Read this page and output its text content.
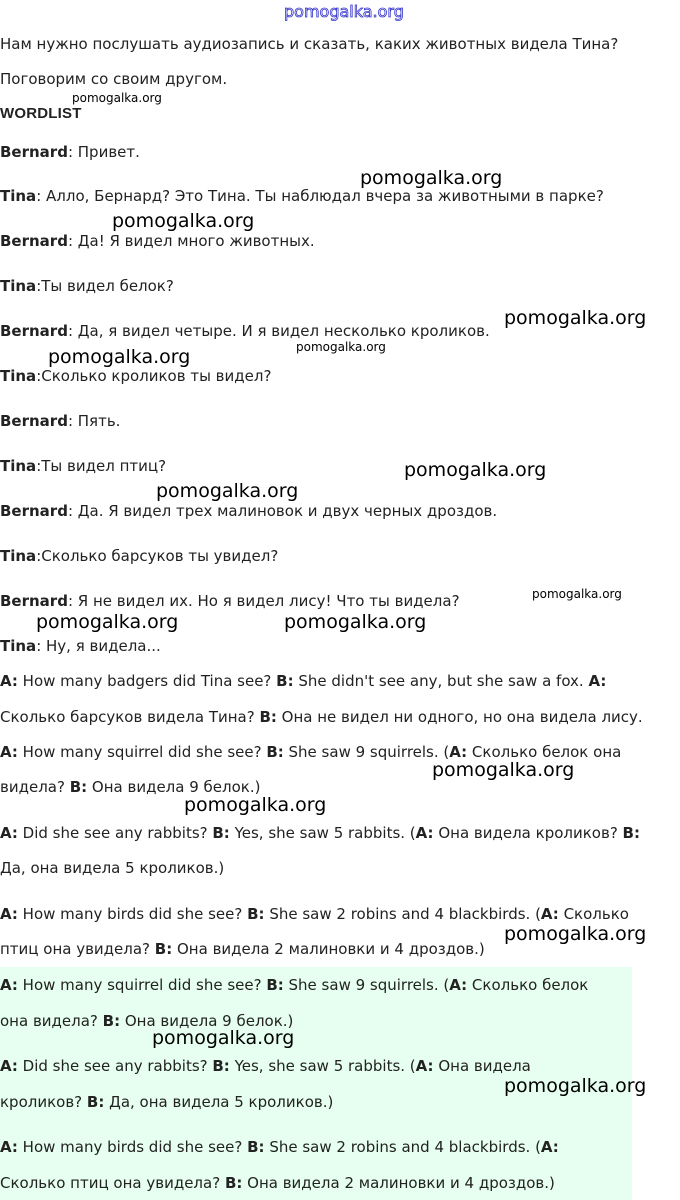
pomogalka.org
Нам нужно послушать аудиозапись и сказать, каких животных видела Тина?
Поговорим со своим другом.
WORDLIST
Bernard: Привет.
Tina: Алло, Бернард? Это Тина. Ты наблюдал вчера за животными в парке?
Bernard: Да! Я видел много животных.
Tina:Ты видел белок?
Bernard: Да, я видел четыре. И я видел несколько кроликов.
Tina:Сколько кроликов ты видел?
Bernard: Пять.
Tina:Ты видел птиц?
Bernard: Да. Я видел трех малиновок и двух черных дроздов.
Tina:Сколько барсуков ты увидел?
Bernard: Я не видел их. Но я видел лису! Что ты видела?
Tina: Ну, я видела...
A: How many badgers did Tina see? B: She didn't see any, but she saw a fox. A:
Сколько барсуков видела Тина? B: Она не видел ни одного, но она видела лису.
A: How many squirrel did she see? B: She saw 9 squirrels. (A: Сколько белок она
видела? B: Она видела 9 белок.)
A: Did she see any rabbits? B: Yes, she saw 5 rabbits. (A: Она видела кроликов? B:
Да, она видела 5 кроликов.)
A: How many birds did she see? B: She saw 2 robins and 4 blackbirds. (A: Сколько
птиц она увидела? B: Она видела 2 малиновки и 4 дроздов.)
A: How many squirrel did she see? B: She saw 9 squirrels. (A: Сколько белок
она видела? B: Она видела 9 белок.)
A: Did she see any rabbits? B: Yes, she saw 5 rabbits. (A: Она видела
кроликов? B: Да, она видела 5 кроликов.)
A: How many birds did she see? B: She saw 2 robins and 4 blackbirds. (A:
Сколько птиц она увидела? B: Она видела 2 малиновки и 4 дроздов.)
pomogalka.org
pomogalka.org
pomogalka.org
pomogalka.org
pomogalka.org
pomogalka.org
pomogalka.org
pomogalka.org
pomogalka.org
pomogalka.org	pomogalka.org
pomogalka.org
pomogalka.org
pomogalka.org
pomogalka.org
pomogalka.org
